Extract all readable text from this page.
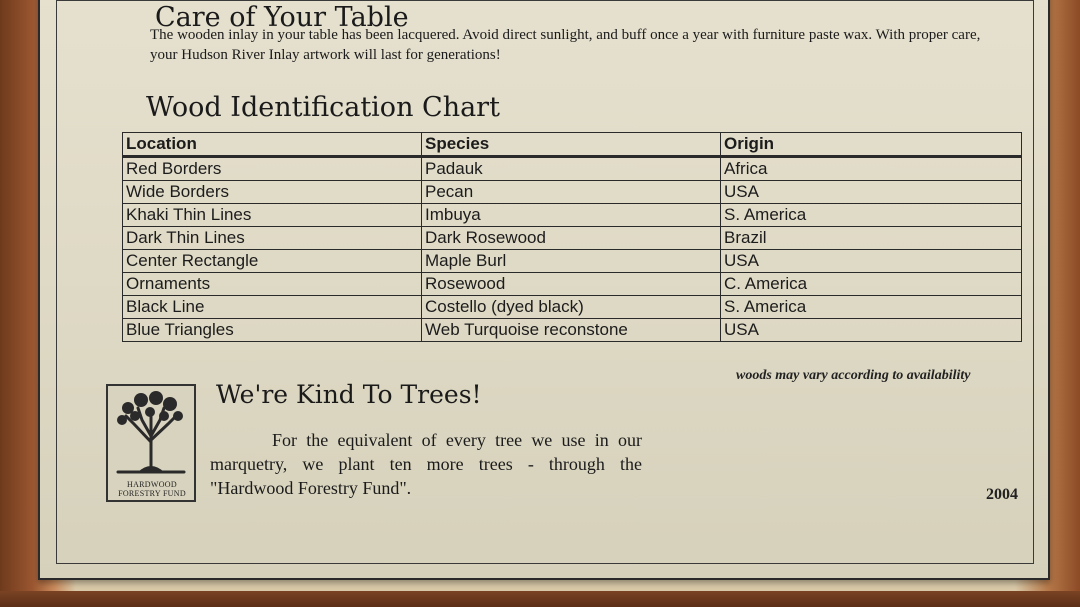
Care of Your Table

The wooden inlay in your table has been lacquered. Avoid direct sunlight, and buff once a year with furniture paste wax. With proper care, your Hudson River Inlay artwork will last for generations!

Wood Identification Chart
Location	Species	Origin
Red Borders	Padauk	Africa
Wide Borders	Pecan	USA
Khaki Thin Lines	Imbuya	S. America
Dark Thin Lines	Dark Rosewood	Brazil
Center Rectangle	Maple Burl	USA
Ornaments	Rosewood	C. America
Black Line	Costello (dyed black)	S. America
Blue Triangles	Web Turquoise reconstone	USA

woods may vary according to availability

HARDWOOD
FORESTRY FUND
We're Kind To Trees!

For the equivalent of every tree we use in our marquetry, we plant ten more trees - through the "Hardwood Forestry Fund".	2004
